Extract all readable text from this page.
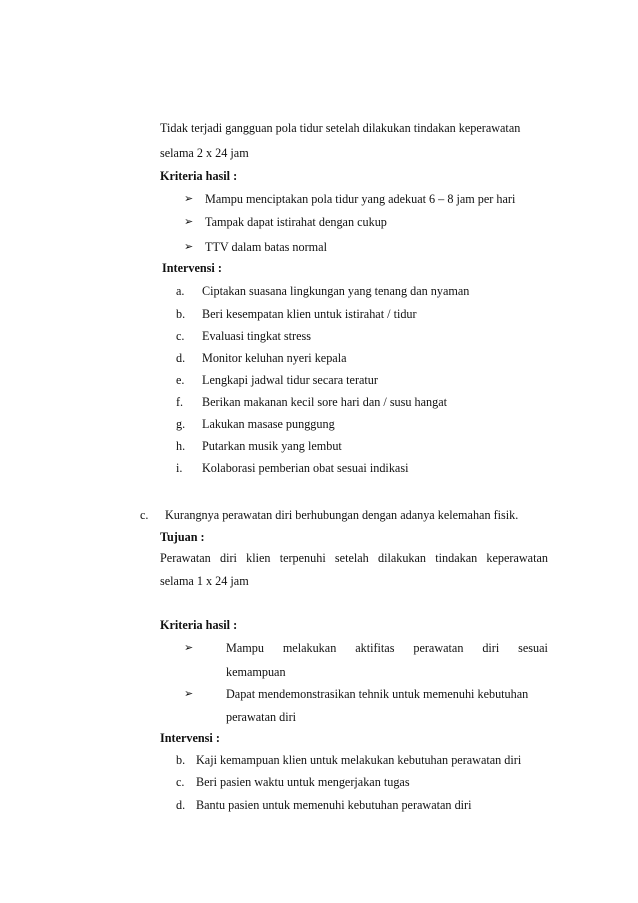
Tidak terjadi gangguan pola tidur setelah dilakukan tindakan keperawatan
selama 2 x 24 jam
Kriteria hasil :
➢ Mampu menciptakan pola tidur yang adekuat 6 – 8 jam per hari
➢ Tampak dapat istirahat dengan cukup
➢ TTV dalam batas normal
Intervensi :
a. Ciptakan suasana lingkungan yang tenang dan nyaman
b. Beri kesempatan klien untuk istirahat / tidur
c. Evaluasi tingkat stress
d. Monitor keluhan nyeri kepala
e. Lengkapi jadwal tidur secara teratur
f. Berikan makanan kecil sore hari dan / susu hangat
g. Lakukan masase punggung
h. Putarkan musik yang lembut
i. Kolaborasi pemberian obat sesuai indikasi
c. Kurangnya perawatan diri berhubungan dengan adanya kelemahan fisik.
Tujuan :
Perawatan diri klien terpenuhi setelah dilakukan tindakan keperawatan
selama 1 x 24 jam
Kriteria hasil :
➢	Mampu melakukan aktifitas perawatan diri sesuai
kemampuan
➢	Dapat mendemonstrasikan tehnik untuk memenuhi kebutuhan
perawatan diri
Intervensi :
b. Kaji kemampuan klien untuk melakukan kebutuhan perawatan diri
c. Beri pasien waktu untuk mengerjakan tugas
d. Bantu pasien untuk memenuhi kebutuhan perawatan diri
